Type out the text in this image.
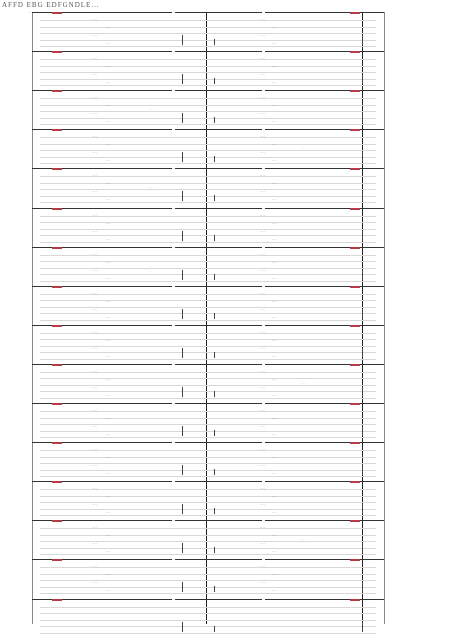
AFFD EBG EDFGNDLE...
...	...	...
....
....
....
....
....
....
....
....
...	...
....
....
....
....
....
....
....
....
...	...
....
....
....
....
....
....
....
....
....
...	...
....
....
....
....
....
....
....
....
....
...	...
....
....
....
....
....
....
....
....
....
...	...
....
....
....
....
....
....
....
....
...	...
....
....
....
....
....
....
....
....
....
...	...
....
....
....
....
....
....
....
....
...	...
....
....
....
....
....
....
....
....
...	...
....
....
....
....
....
....
....
....
....
...	...
....
....
....
....
....
....
....
....
...	...
....
....
....
....
....
....
....
....
...	...
....
....
....
....
....
....
....
....
...	...
....
....
....
....
....
....
....
....
....
...	...
....
....
....
....
....
....
....
....
...	...
